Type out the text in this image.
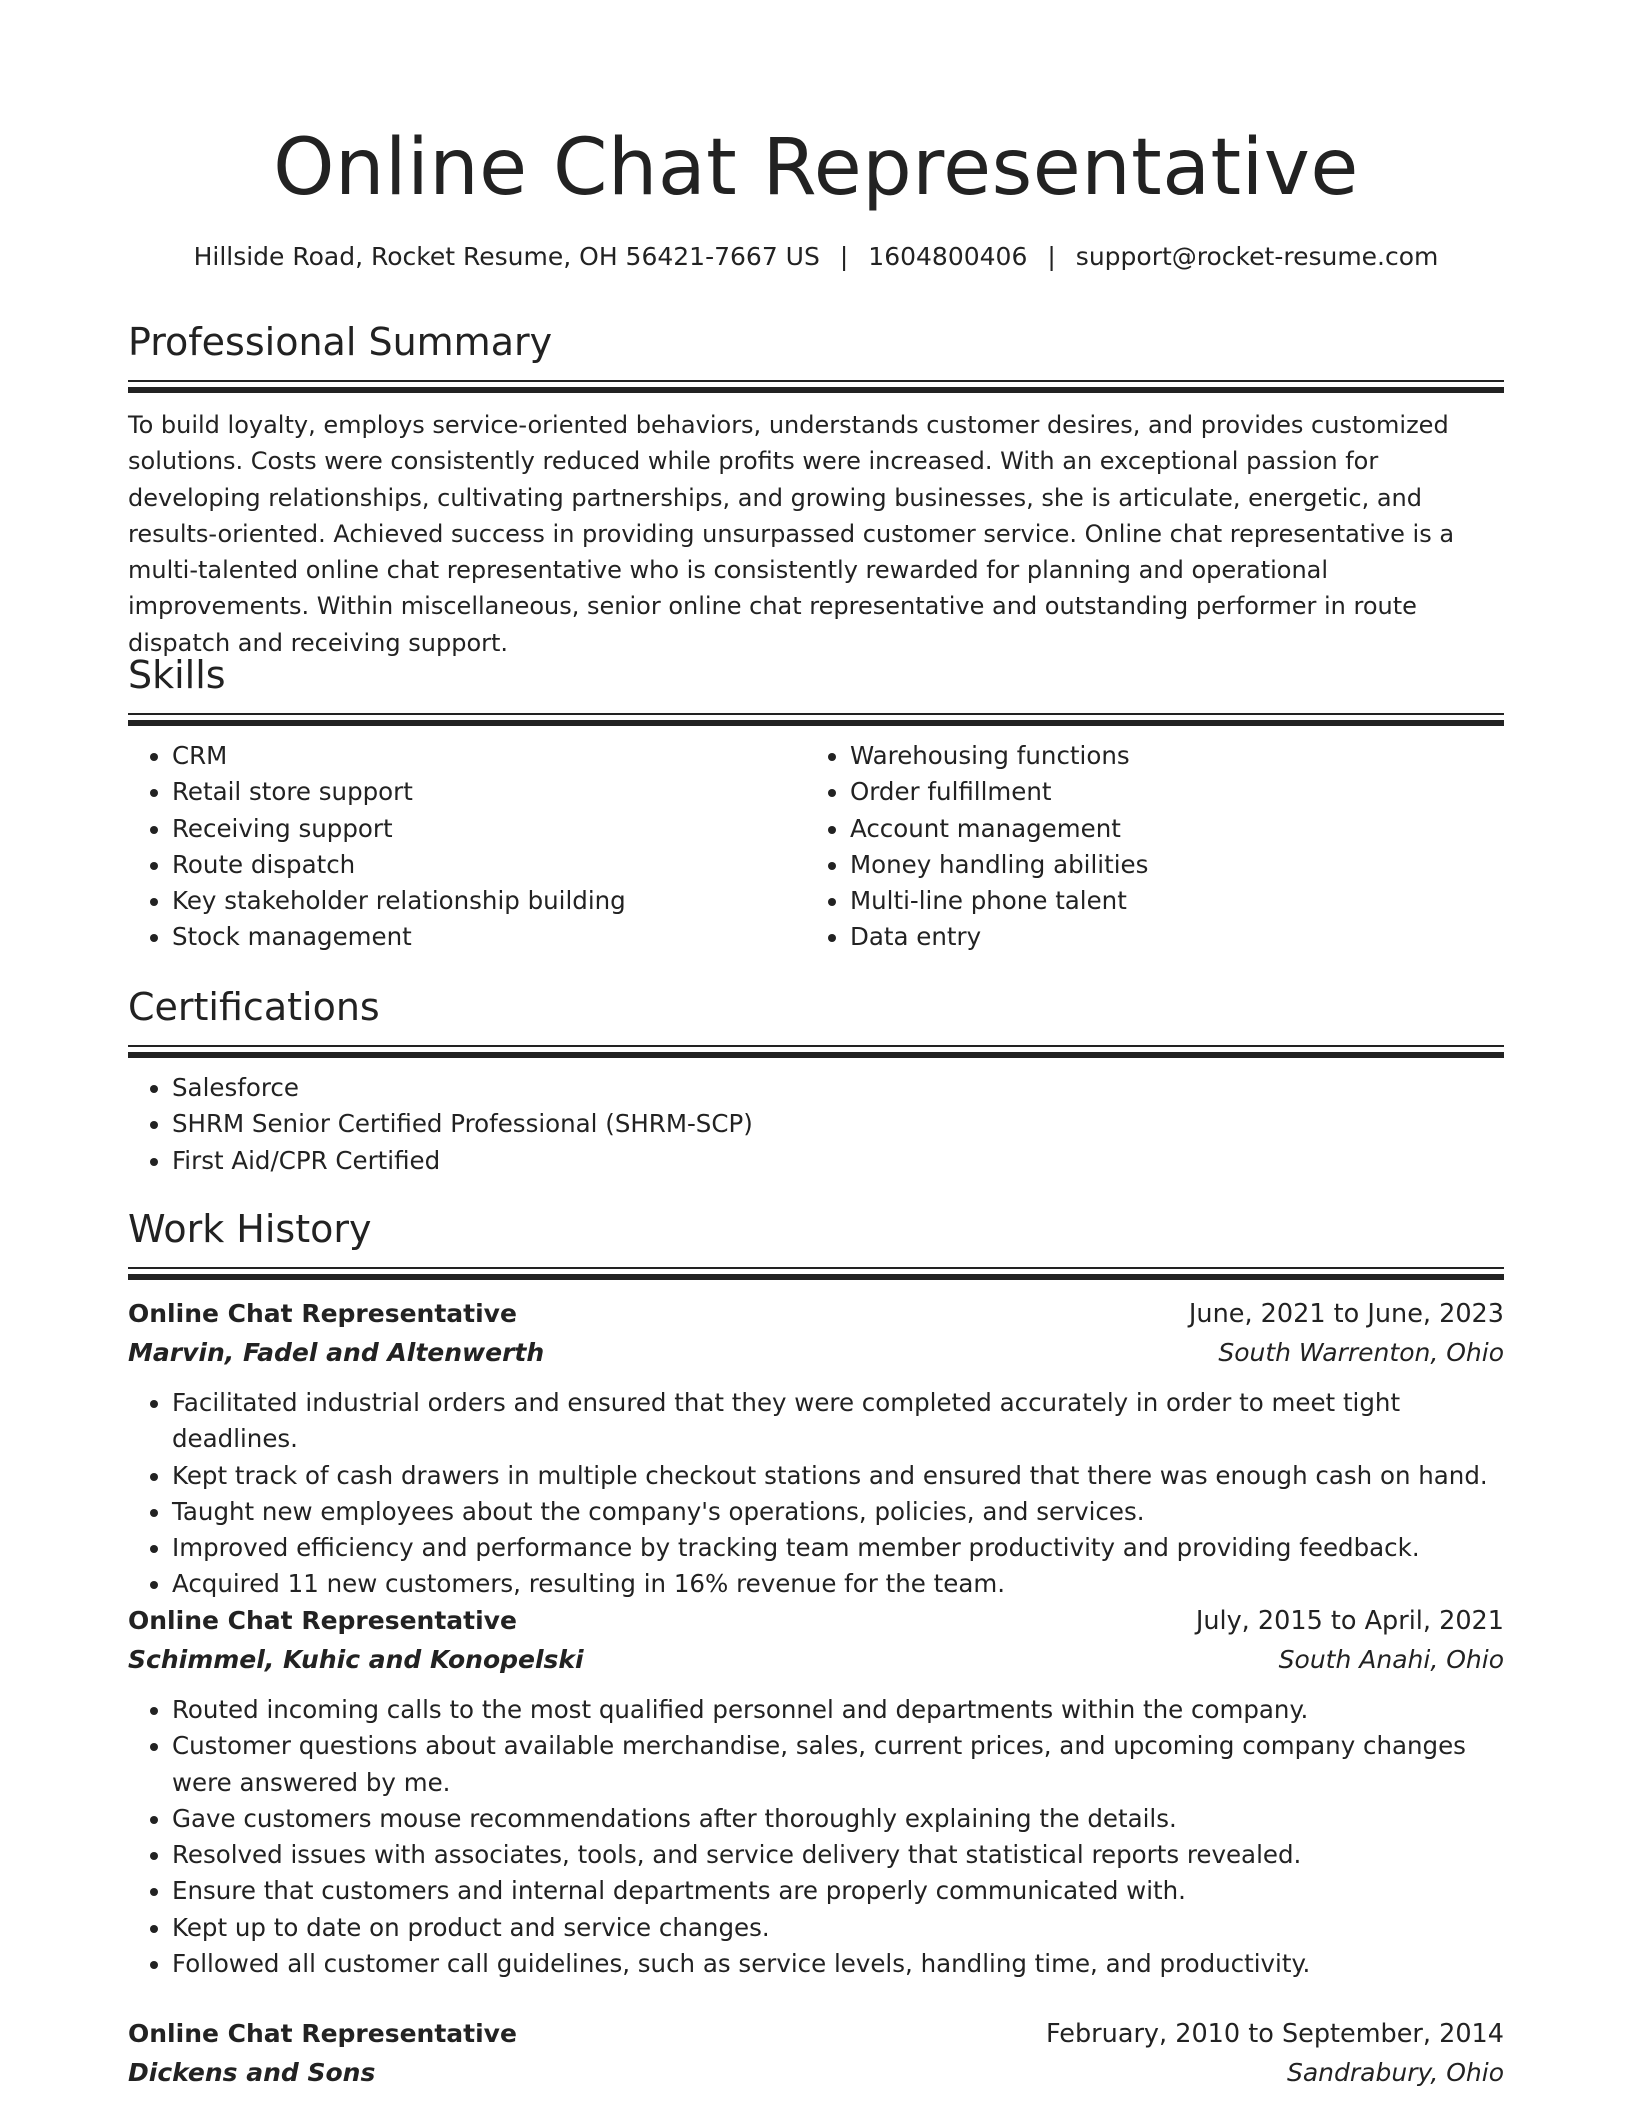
Online Chat Representative
Hillside Road, Rocket Resume, OH 56421-7667 US | 1604800406 | support@rocket-resume.com
Professional Summary

To build loyalty, employs service-oriented behaviors, understands customer desires, and provides customized solutions. Costs were consistently reduced while profits were increased. With an exceptional passion for developing relationships, cultivating partnerships, and growing businesses, she is articulate, energetic, and results-oriented. Achieved success in providing unsurpassed customer service. Online chat representative is a multi-talented online chat representative who is consistently rewarded for planning and operational improvements. Within miscellaneous, senior online chat representative and outstanding performer in route dispatch and receiving support.

Skills
• CRM
• Retail store support
• Receiving support
• Route dispatch
• Key stakeholder relationship building
• Stock management
• Warehousing functions
• Order fulfillment
• Account management
• Money handling abilities
• Multi-line phone talent
• Data entry
Certifications
• Salesforce
• SHRM Senior Certified Professional (SHRM-SCP)
• First Aid/CPR Certified
Work History
Online Chat Representative	June, 2021 to June, 2023
Marvin, Fadel and Altenwerth	South Warrenton, Ohio
• Facilitated industrial orders and ensured that they were completed accurately in order to meet tight deadlines.
• Kept track of cash drawers in multiple checkout stations and ensured that there was enough cash on hand.
• Taught new employees about the company's operations, policies, and services.
• Improved efficiency and performance by tracking team member productivity and providing feedback.
• Acquired 11 new customers, resulting in 16% revenue for the team.
Online Chat Representative	July, 2015 to April, 2021
Schimmel, Kuhic and Konopelski	South Anahi, Ohio
• Routed incoming calls to the most qualified personnel and departments within the company.
• Customer questions about available merchandise, sales, current prices, and upcoming company changes were answered by me.
• Gave customers mouse recommendations after thoroughly explaining the details.
• Resolved issues with associates, tools, and service delivery that statistical reports revealed.
• Ensure that customers and internal departments are properly communicated with.
• Kept up to date on product and service changes.
• Followed all customer call guidelines, such as service levels, handling time, and productivity.
Online Chat Representative	February, 2010 to September, 2014
Dickens and Sons	Sandrabury, Ohio
